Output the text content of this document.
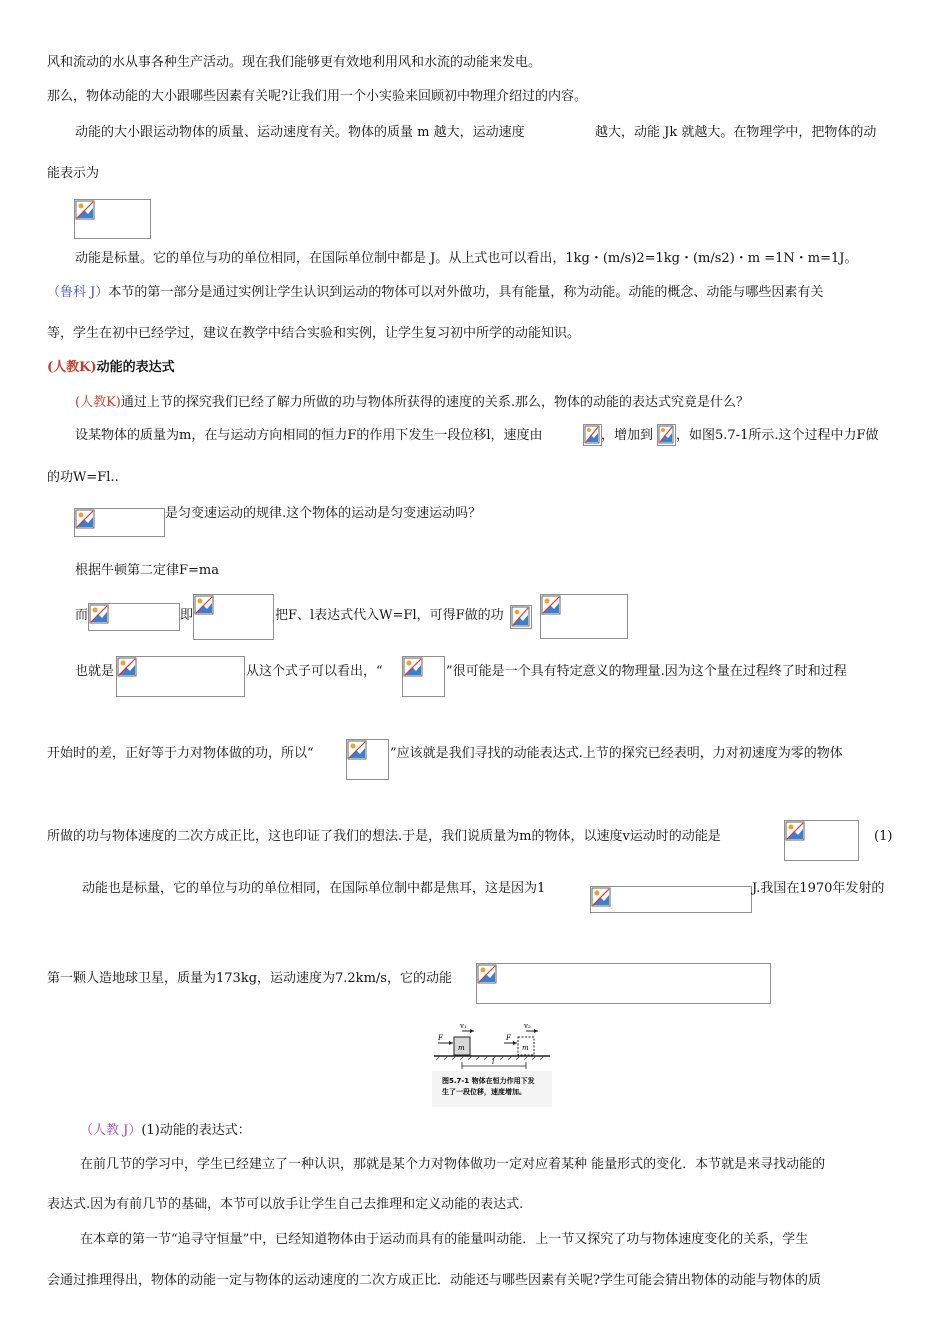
风和流动的水从事各种生产活动。现在我们能够更有效地利用风和水流的动能来发电。
那么，物体动能的大小跟哪些因素有关呢?让我们用一个小实验来回顾初中物理介绍过的内容。
动能的大小跟运动物体的质量、运动速度有关。物体的质量 m 越大，运动速度	越大，动能 Jk 就越大。在物理学中，把物体的动
能表示为
动能是标量。它的单位与功的单位相同，在国际单位制中都是 J。从上式也可以看出，1kg・(m/s)2=1kg・(m/s2)・m =1N・m=1J。
（鲁科 J）本节的第一部分是通过实例让学生认识到运动的物体可以对外做功，具有能量，称为动能。动能的概念、动能与哪些因素有关
等，学生在初中已经学过，建议在教学中结合实验和实例，让学生复习初中所学的动能知识。
(人教K)动能的表达式
(人教K)通过上节的探究我们已经了解力所做的功与物体所获得的速度的关系.那么，物体的动能的表达式究竟是什么？
设某物体的质量为m，在与运动方向相同的恒力F的作用下发生一段位移l，速度由	，增加到 ，如图5.7-1所示.这个过程中力F做
的功W=Fl..
是匀变速运动的规律.这个物体的运动是匀变速运动吗？
根据牛顿第二定律F=ma
而	即	把F、l表达式代入W=Fl，可得F做的功
也就是	从这个式子可以看出，“	”很可能是一个具有特定意义的物理量.因为这个量在过程终了时和过程
开始时的差，正好等于力对物体做的功，所以“	”应该就是我们寻找的动能表达式.上节的探究已经表明，力对初速度为零的物体
所做的功与物体速度的二次方成正比，这也印证了我们的想法.于是，我们说质量为m的物体，以速度v运动时的动能是	(1)
动能也是标量，它的单位与功的单位相同，在国际单位制中都是焦耳，这是因为1	J.我国在1970年发射的
第一颗人造地球卫星，质量为173kg，运动速度为7.2km/s，它的动能
v₁	v₂
F	F
m	m
l
图5.7-1 物体在恒力作用下发
生了一段位移，速度增加。
（人教 J）(1)动能的表达式：
在前几节的学习中，学生已经建立了一种认识，那就是某个力对物体做功一定对应着某种 能量形式的变化．本节就是来寻找动能的
表达式.因为有前几节的基础，本节可以放手让学生自己去推理和定义动能的表达式.
在本章的第一节“追寻守恒量”中，已经知道物体由于运动而具有的能量叫动能．上一节又探究了功与物体速度变化的关系，学生
会通过推理得出，物体的动能一定与物体的运动速度的二次方成正比．动能还与哪些因素有关呢?学生可能会猜出物体的动能与物体的质
